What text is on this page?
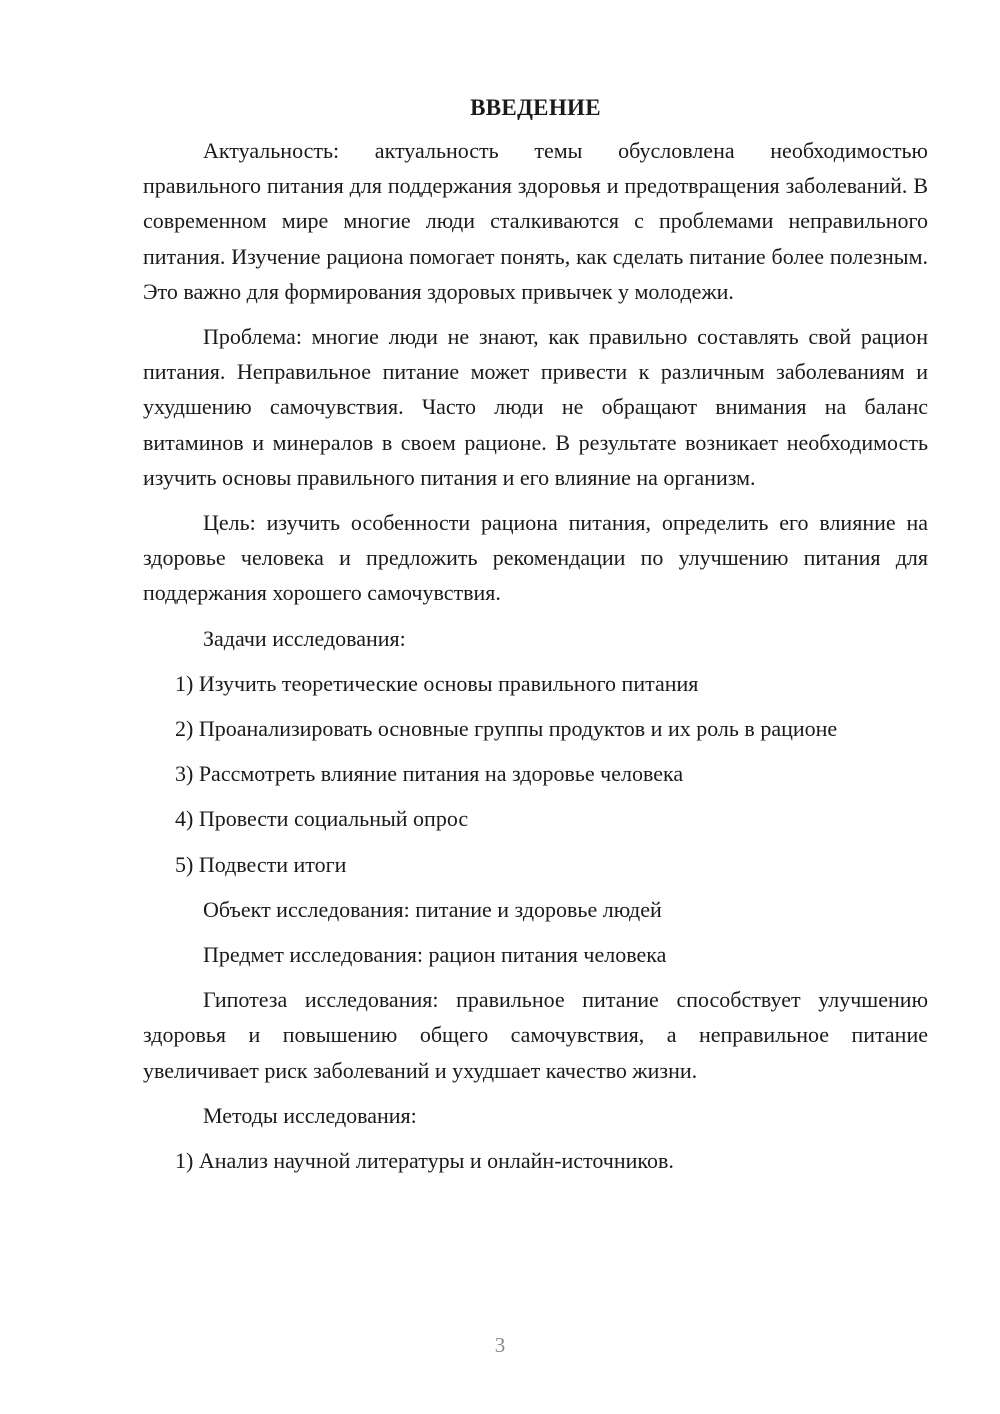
ВВЕДЕНИЕ

Актуальность: актуальность темы обусловлена необходимостью правильного питания для поддержания здоровья и предотвращения заболеваний. В современном мире многие люди сталкиваются с проблемами неправильного питания. Изучение рациона помогает понять, как сделать питание более полезным. Это важно для формирования здоровых привычек у молодежи.

Проблема: многие люди не знают, как правильно составлять свой рацион питания. Неправильное питание может привести к различным заболеваниям и ухудшению самочувствия. Часто люди не обращают внимания на баланс витаминов и минералов в своем рационе. В результате возникает необходимость изучить основы правильного питания и его влияние на организм.

Цель: изучить особенности рациона питания, определить его влияние на здоровье человека и предложить рекомендации по улучшению питания для поддержания хорошего самочувствия.

Задачи исследования:
1) Изучить теоретические основы правильного питания
2) Проанализировать основные группы продуктов и их роль в рационе
3) Рассмотреть влияние питания на здоровье человека
4) Провести социальный опрос
5) Подвести итоги
Объект исследования: питание и здоровье людей
Предмет исследования: рацион питания человека

Гипотеза исследования: правильное питание способствует улучшению здоровья и повышению общего самочувствия, а неправильное питание увеличивает риск заболеваний и ухудшает качество жизни.

Методы исследования:
1) Анализ научной литературы и онлайн-источников.
3
